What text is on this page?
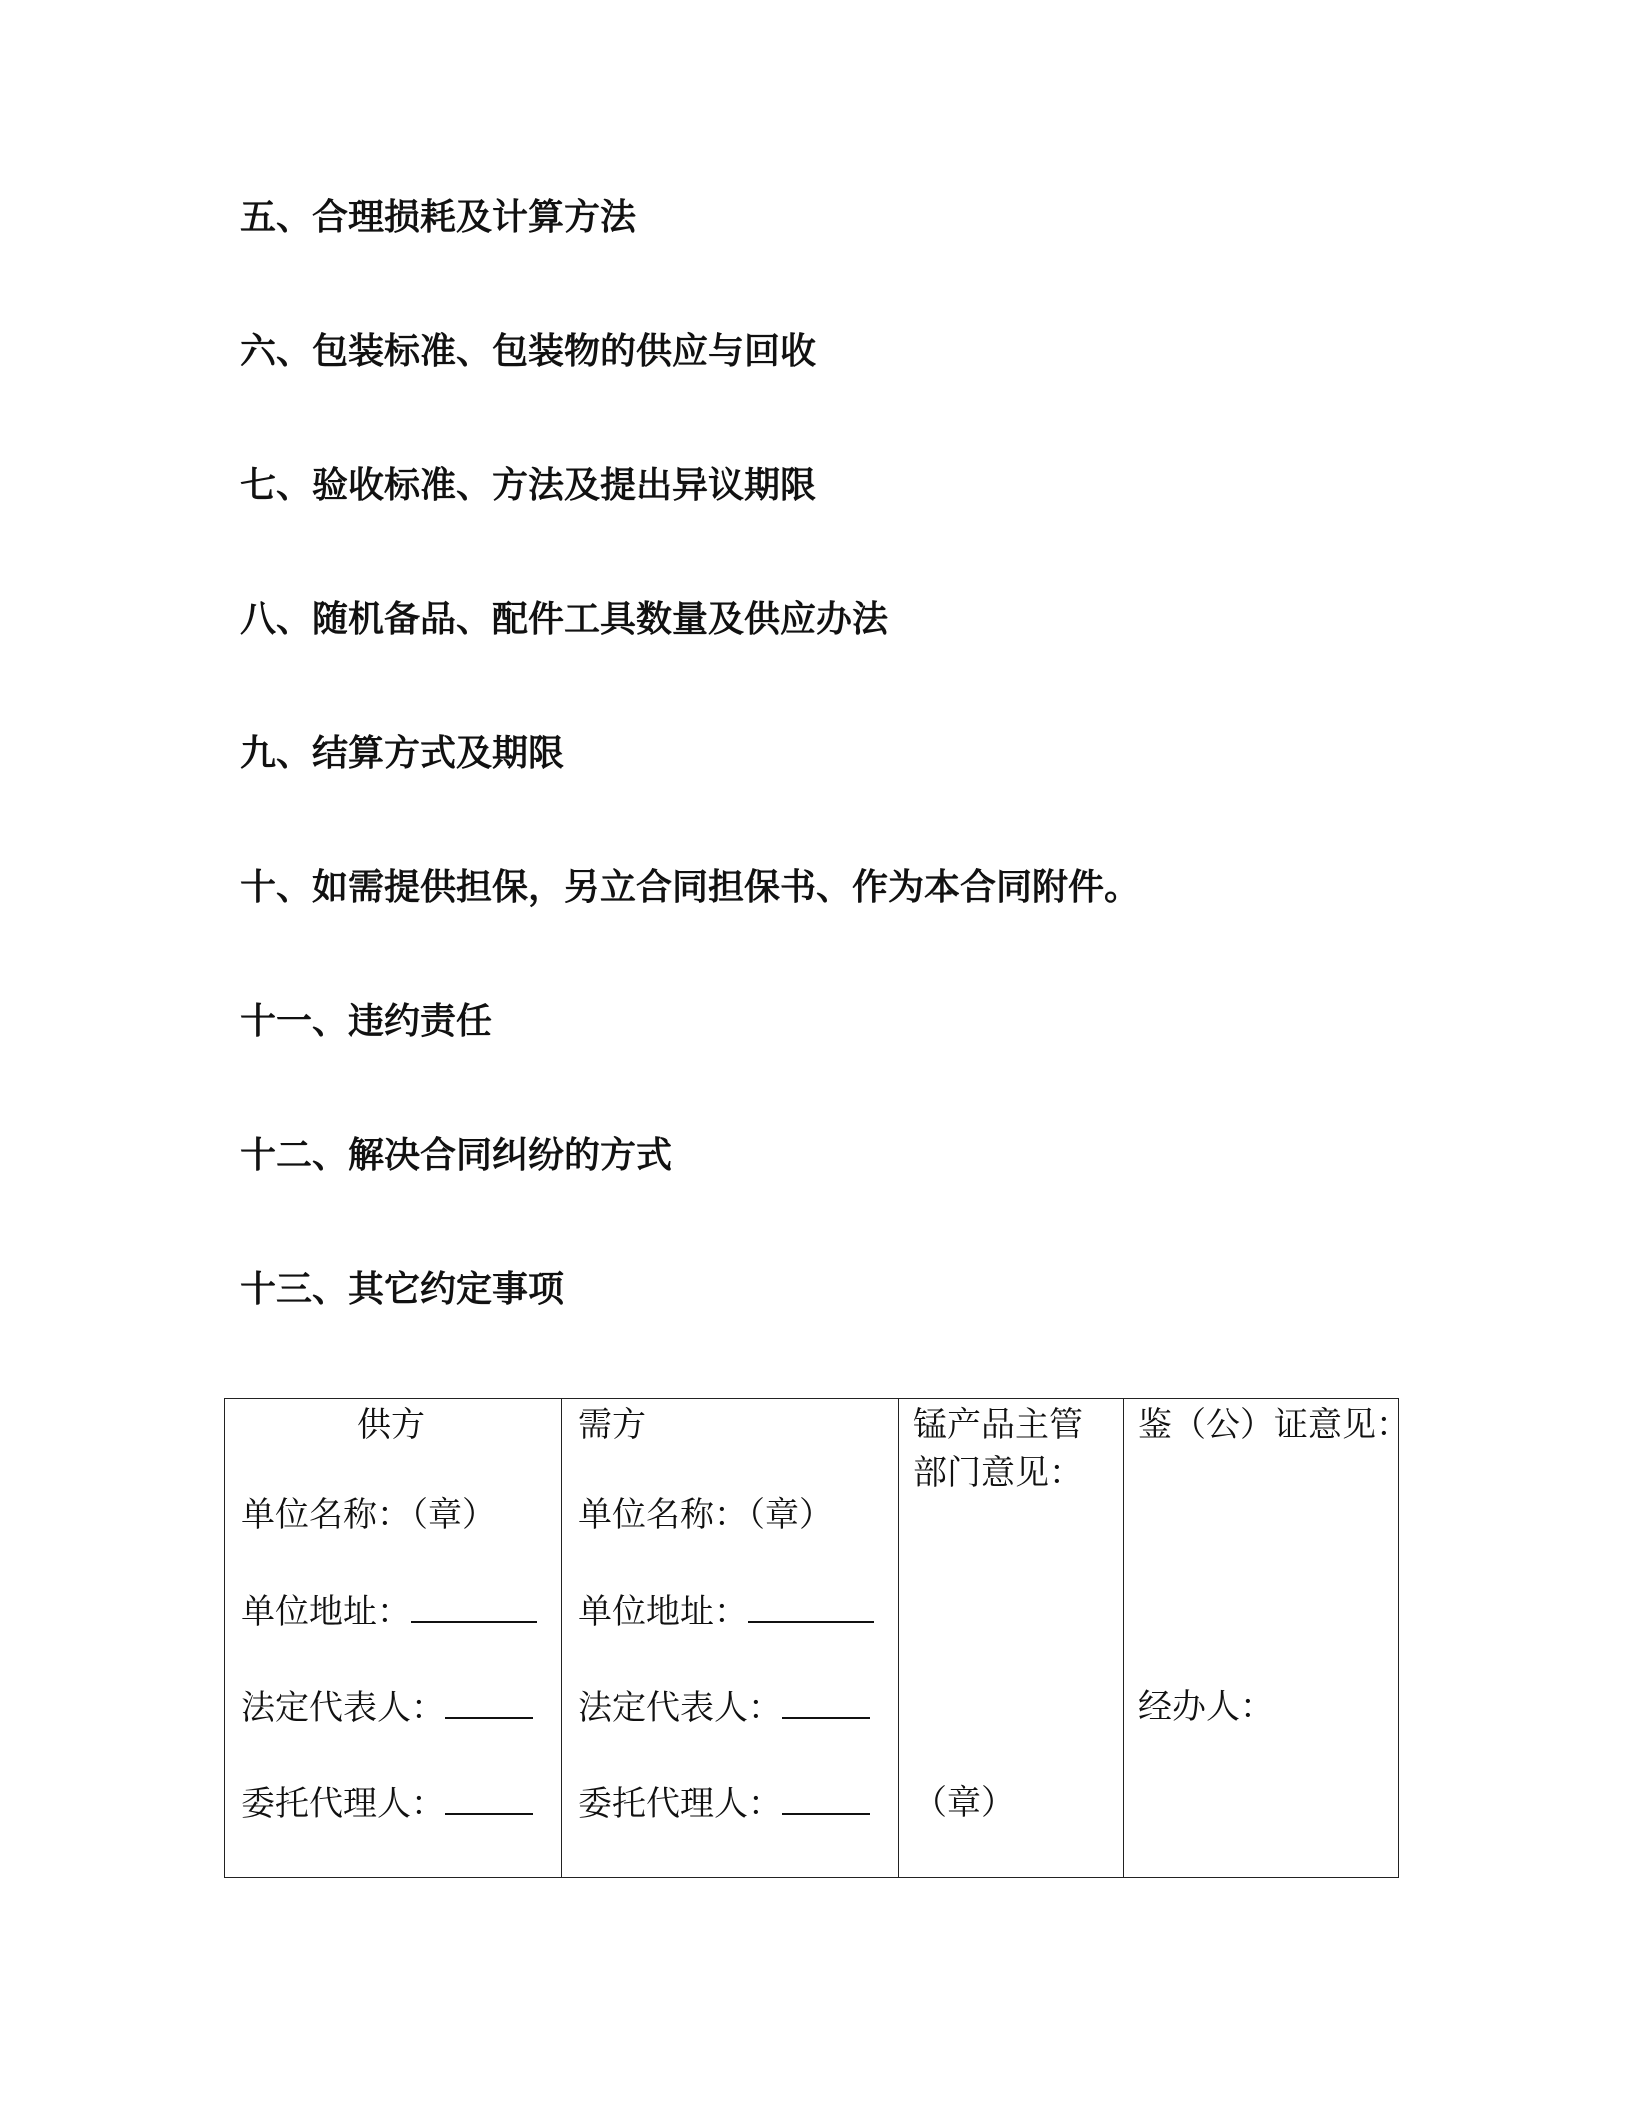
五、合理损耗及计算方法
六、包装标准、包装物的供应与回收
七、验收标准、方法及提出异议期限
八、随机备品、配件工具数量及供应办法
九、结算方式及期限
十、如需提供担保，另立合同担保书、作为本合同附件。
十一、违约责任
十二、解决合同纠纷的方式
十三、其它约定事项
供方
单位名称：（章）
单位地址：
法定代表人：
委托代理人：

需方
单位名称：（章）
单位地址：
法定代表人：
委托代理人：

锰产品主管
部门意见：
（章）

鉴（公）证意见：
经办人：
